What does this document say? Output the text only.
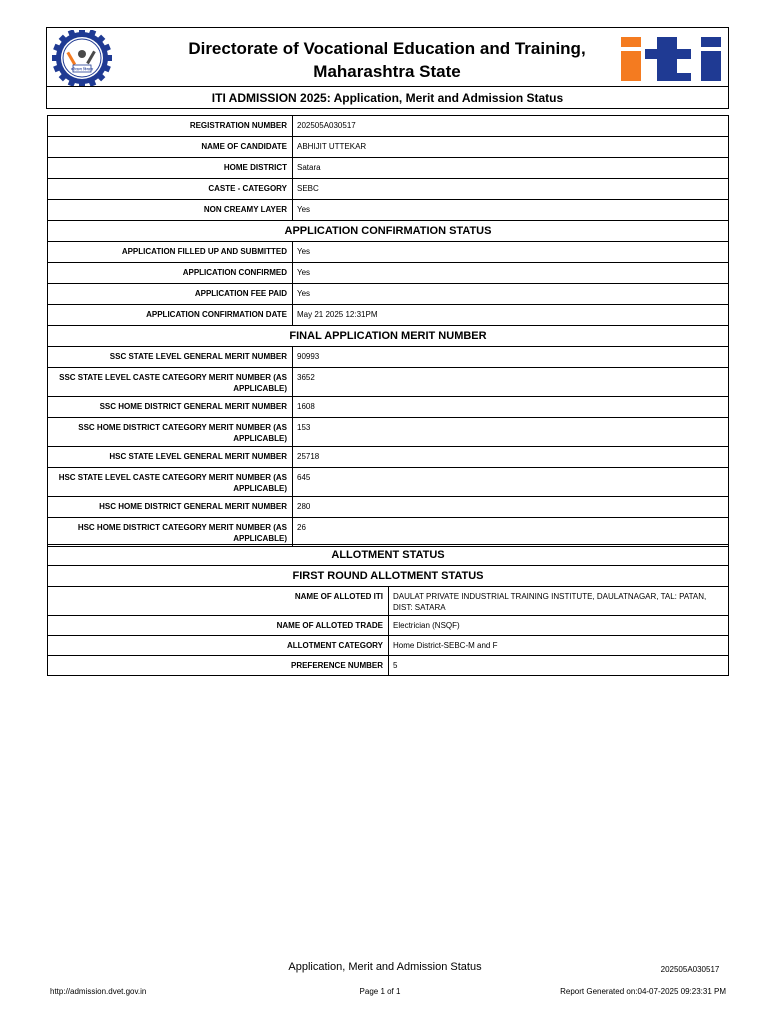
कौशल्य विकास
Directorate of Vocational Education and Training,
Maharashtra State
ITI ADMISSION 2025: Application, Merit and Admission Status
REGISTRATION NUMBER	202505A030517
NAME OF CANDIDATE	ABHIJIT UTTEKAR
HOME DISTRICT	Satara
CASTE - CATEGORY	SEBC
NON CREAMY LAYER	Yes
APPLICATION CONFIRMATION STATUS	
APPLICATION FILLED UP AND SUBMITTED	Yes
APPLICATION CONFIRMED	Yes
APPLICATION FEE PAID	Yes
APPLICATION CONFIRMATION DATE	May 21 2025 12:31PM
FINAL APPLICATION MERIT NUMBER	
SSC STATE LEVEL GENERAL MERIT NUMBER	90993
SSC STATE LEVEL CASTE CATEGORY MERIT NUMBER (AS APPLICABLE)	3652
SSC HOME DISTRICT GENERAL MERIT NUMBER	1608
SSC HOME DISTRICT CATEGORY MERIT NUMBER (AS APPLICABLE)	153
HSC STATE LEVEL GENERAL MERIT NUMBER	25718
HSC STATE LEVEL CASTE CATEGORY MERIT NUMBER (AS APPLICABLE)	645
HSC HOME DISTRICT GENERAL MERIT NUMBER	280
HSC HOME DISTRICT CATEGORY MERIT NUMBER (AS APPLICABLE)	26
ALLOTMENT STATUS	
FIRST ROUND ALLOTMENT STATUS	
NAME OF ALLOTED ITI	DAULAT PRIVATE INDUSTRIAL TRAINING INSTITUTE, DAULATNAGAR, TAL: PATAN, DIST: SATARA
NAME OF ALLOTED TRADE	Electrician (NSQF)
ALLOTMENT CATEGORY	Home District-SEBC-M and F
PREFERENCE NUMBER	5
Application, Merit and Admission Status	202505A030517
http://admission.dvet.gov.in	Page 1 of 1	Report Generated on:04-07-2025 09:23:31 PM
